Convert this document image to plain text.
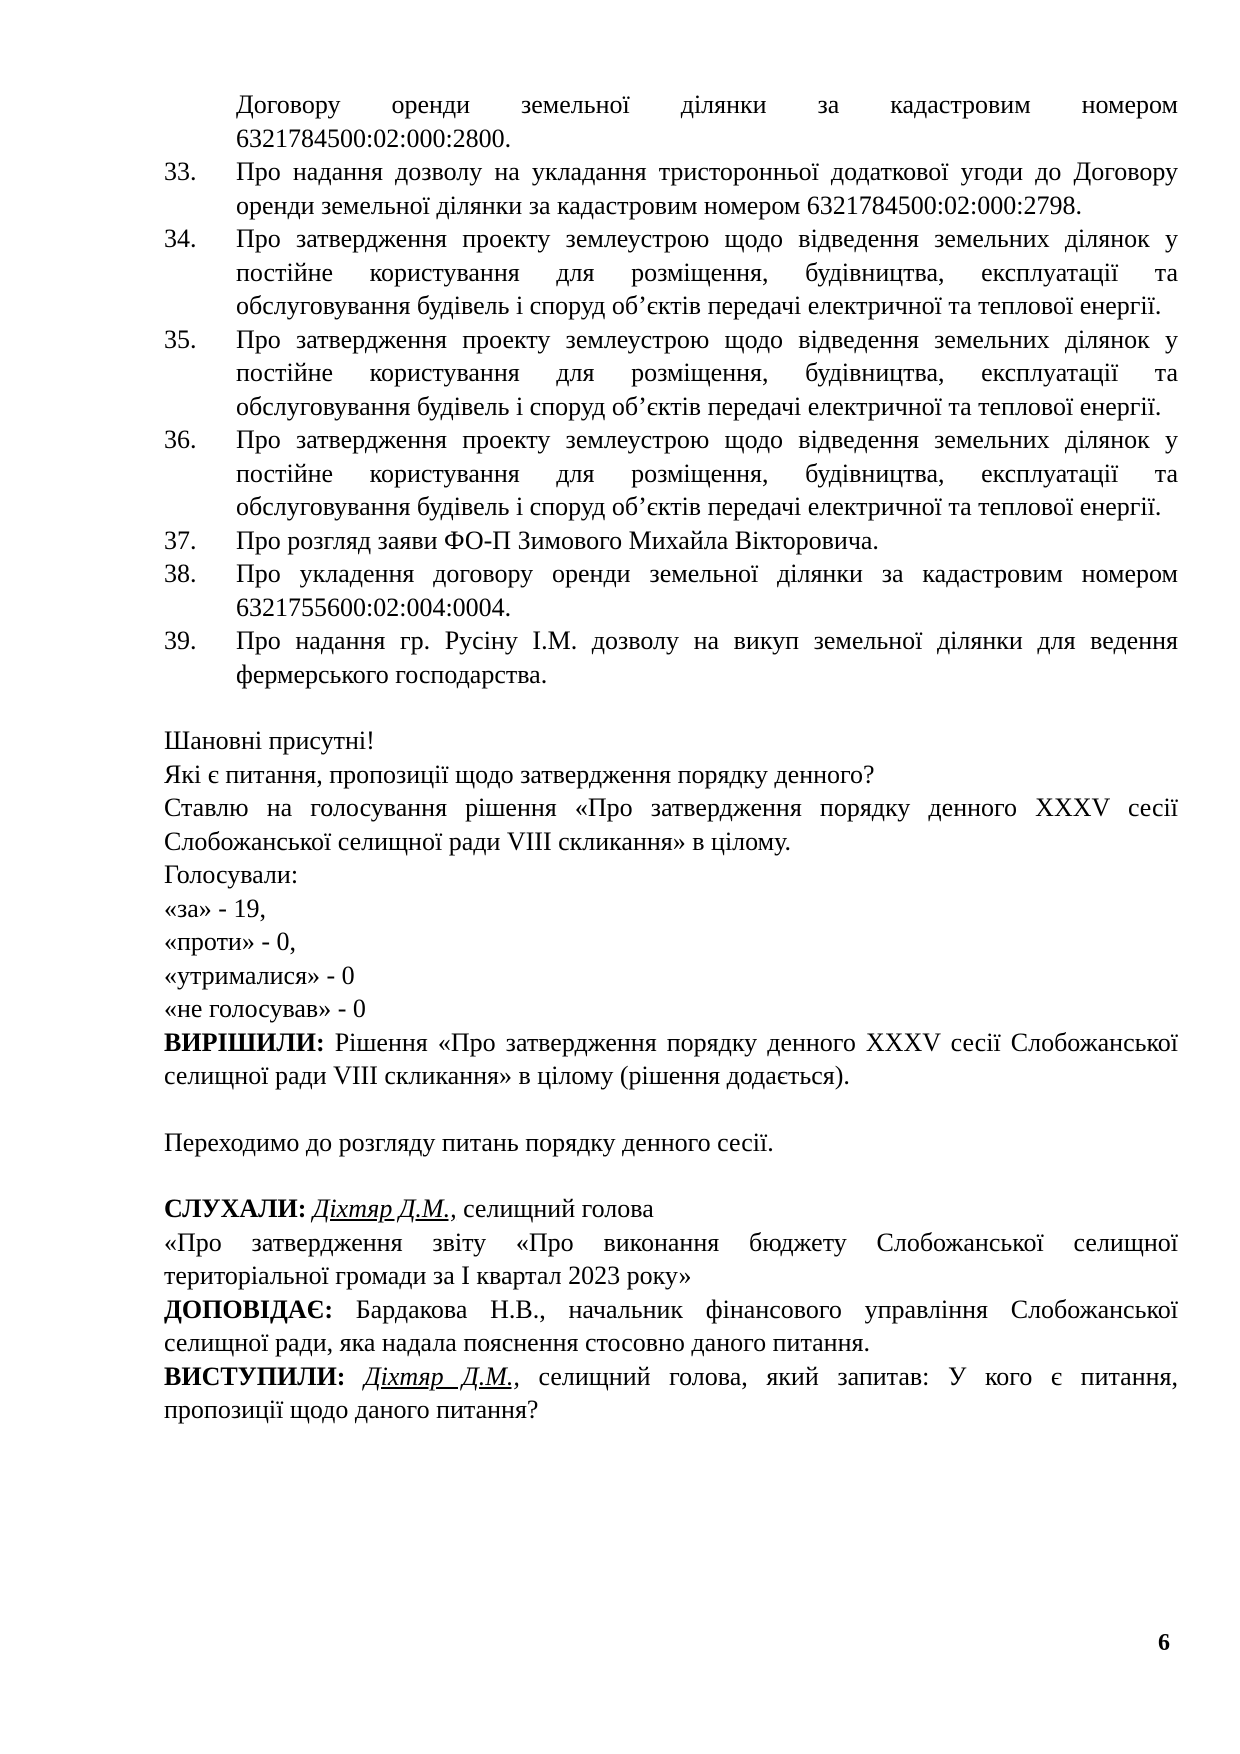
Договору оренди земельної ділянки за кадастровим номером 6321784500:02:000:2800.
33.	Про надання дозволу на укладання тристоронньої додаткової угоди до Договору оренди земельної ділянки за кадастровим номером 6321784500:02:000:2798.
34.	Про затвердження проекту землеустрою щодо відведення земельних ділянок у постійне користування для розміщення, будівництва, експлуатації та обслуговування будівель і споруд об’єктів передачі електричної та теплової енергії.
35.	Про затвердження проекту землеустрою щодо відведення земельних ділянок у постійне користування для розміщення, будівництва, експлуатації та обслуговування будівель і споруд об’єктів передачі електричної та теплової енергії.
36.	Про затвердження проекту землеустрою щодо відведення земельних ділянок у постійне користування для розміщення, будівництва, експлуатації та обслуговування будівель і споруд об’єктів передачі електричної та теплової енергії.
37.	Про розгляд заяви ФО-П Зимового Михайла Вікторовича.
38.	Про укладення договору оренди земельної ділянки за кадастровим номером 6321755600:02:004:0004.
39.	Про надання гр. Русіну І.М. дозволу на викуп земельної ділянки для ведення фермерського господарства.

Шановні присутні!

Які є питання, пропозиції щодо затвердження порядку денного?

Ставлю на голосування рішення «Про затвердження порядку денного XXXV сесії Слобожанської селищної ради VIII скликання» в цілому.

Голосували:

«за» - 19,

«проти» - 0,

«утрималися» - 0

«не голосував» - 0

ВИРІШИЛИ: Рішення «Про затвердження порядку денного XXXV сесії Слобожанської селищної ради VIII скликання» в цілому (рішення додається).

Переходимо до розгляду питань порядку денного сесії.

СЛУХАЛИ: Діхтяр Д.М., селищний голова

«Про затвердження звіту «Про виконання бюджету Слобожанської селищної територіальної громади за І квартал 2023 року»

ДОПОВІДАЄ: Бардакова Н.В., начальник фінансового управління Слобожанської селищної ради, яка надала пояснення стосовно даного питання.

ВИСТУПИЛИ: Діхтяр Д.М., селищний голова, який запитав: У кого є питання, пропозиції щодо даного питання?

6
